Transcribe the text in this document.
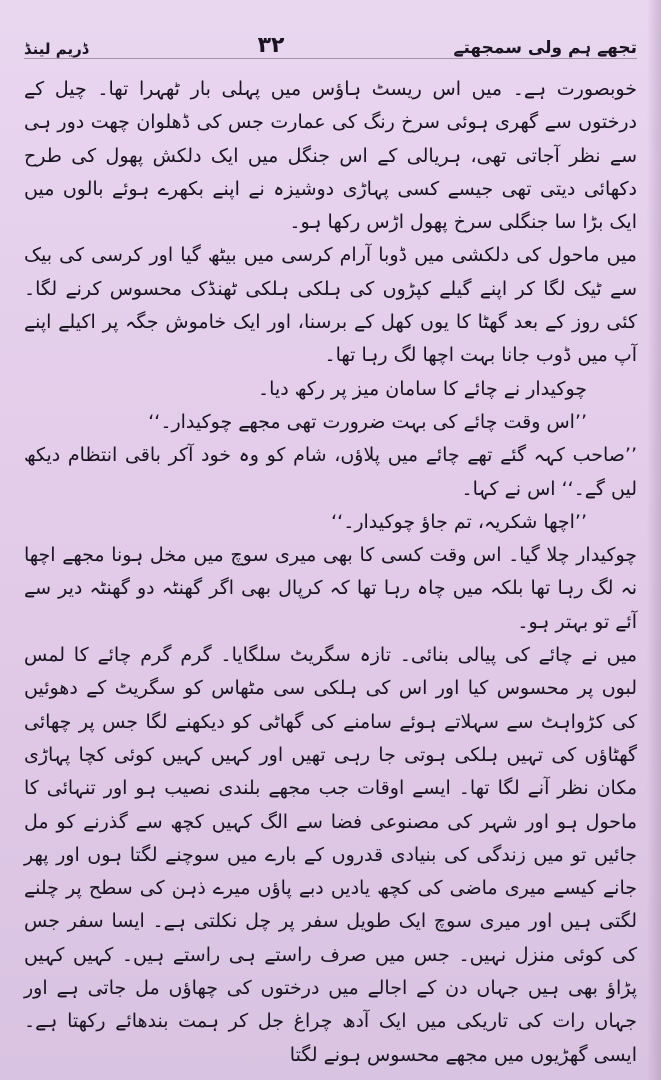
تجھے ہم ولی سمجھتے
۳۲
ڈریم لینڈ

خوبصورت ہے۔ میں اس ریسٹ ہاؤس میں پہلی بار ٹھہرا تھا۔ چیل کے درختوں سے گھری ہوئی سرخ رنگ کی عمارت جس کی ڈھلوان چھت دور ہی سے نظر آجاتی تھی، ہریالی کے اس جنگل میں ایک دلکش پھول کی طرح دکھائی دیتی تھی جیسے کسی پہاڑی دوشیزہ نے اپنے بکھرے ہوئے بالوں میں ایک بڑا سا جنگلی سرخ پھول اڑس رکھا ہو۔

میں ماحول کی دلکشی میں ڈوبا آرام کرسی میں بیٹھ گیا اور کرسی کی بیک سے ٹیک لگا کر اپنے گیلے کپڑوں کی ہلکی ہلکی ٹھنڈک محسوس کرنے لگا۔ کئی روز کے بعد گھٹا کا یوں کھل کے برسنا، اور ایک خاموش جگہ پر اکیلے اپنے آپ میں ڈوب جانا بہت اچھا لگ رہا تھا۔

چوکیدار نے چائے کا سامان میز پر رکھ دیا۔

’’اس وقت چائے کی بہت ضرورت تھی مجھے چوکیدار۔‘‘

’’صاحب کہہ گئے تھے چائے میں پلاؤں، شام کو وہ خود آکر باقی انتظام دیکھ لیں گے۔‘‘ اس نے کہا۔

’’اچھا شکریہ، تم جاؤ چوکیدار۔‘‘

چوکیدار چلا گیا۔ اس وقت کسی کا بھی میری سوچ میں مخل ہونا مجھے اچھا نہ لگ رہا تھا بلکہ میں چاہ رہا تھا کہ کرپال بھی اگر گھنٹہ دو گھنٹہ دیر سے آئے تو بہتر ہو۔

میں نے چائے کی پیالی بنائی۔ تازہ سگریٹ سلگایا۔ گرم گرم چائے کا لمس لبوں پر محسوس کیا اور اس کی ہلکی سی مٹھاس کو سگریٹ کے دھوئیں کی کڑواہٹ سے سہلاتے ہوئے سامنے کی گھاٹی کو دیکھنے لگا جس پر چھائی گھٹاؤں کی تہیں ہلکی ہوتی جا رہی تھیں اور کہیں کہیں کوئی کچا پہاڑی مکان نظر آنے لگا تھا۔ ایسے اوقات جب مجھے بلندی نصیب ہو اور تنہائی کا ماحول ہو اور شہر کی مصنوعی فضا سے الگ کہیں کچھ سے گذرنے کو مل جائیں تو میں زندگی کی بنیادی قدروں کے بارے میں سوچنے لگتا ہوں اور پھر جانے کیسے میری ماضی کی کچھ یادیں دبے پاؤں میرے ذہن کی سطح پر چلنے لگتی ہیں اور میری سوچ ایک طویل سفر پر چل نکلتی ہے۔ ایسا سفر جس کی کوئی منزل نہیں۔ جس میں صرف راستے ہی راستے ہیں۔ کہیں کہیں پڑاؤ بھی ہیں جہاں دن کے اجالے میں درختوں کی چھاؤں مل جاتی ہے اور جہاں رات کی تاریکی میں ایک آدھ چراغ جل کر ہمت بندھائے رکھتا ہے۔ ایسی گھڑیوں میں مجھے محسوس ہونے لگتا
